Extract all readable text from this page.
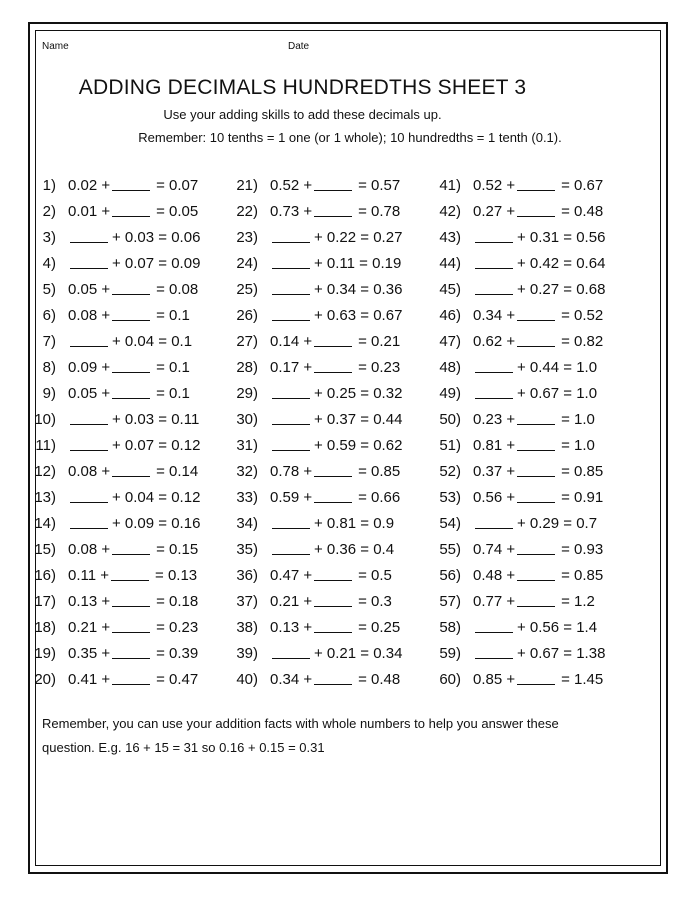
Name	Date
ADDING DECIMALS HUNDREDTHS SHEET 3
Use your adding skills to add these decimals up.
Remember: 10 tenths = 1 one (or 1 whole); 10 hundredths = 1 tenth (0.1).
1) 0.02 +	= 0.07
2) 0.01 +	= 0.05
3)	+ 0.03 = 0.06
4)	+ 0.07 = 0.09
5) 0.05 +	= 0.08
6) 0.08 +	= 0.1
7)	+ 0.04 = 0.1
8) 0.09 +	= 0.1
9) 0.05 +	= 0.1
10)	+ 0.03 = 0.11
11)	+ 0.07 = 0.12
12) 0.08 +	= 0.14
13)	+ 0.04 = 0.12
14)	+ 0.09 = 0.16
15) 0.08 +	= 0.15
16) 0.11 +	= 0.13
17) 0.13 +	= 0.18
18) 0.21 +	= 0.23
19) 0.35 +	= 0.39
20) 0.41 +	= 0.47
21) 0.52 +	= 0.57
22) 0.73 +	= 0.78
23)	+ 0.22 = 0.27
24)	+ 0.11 = 0.19
25)	+ 0.34 = 0.36
26)	+ 0.63 = 0.67
27) 0.14 +	= 0.21
28) 0.17 +	= 0.23
29)	+ 0.25 = 0.32
30)	+ 0.37 = 0.44
31)	+ 0.59 = 0.62
32) 0.78 +	= 0.85
33) 0.59 +	= 0.66
34)	+ 0.81 = 0.9
35)	+ 0.36 = 0.4
36) 0.47 +	= 0.5
37) 0.21 +	= 0.3
38) 0.13 +	= 0.25
39)	+ 0.21 = 0.34
40) 0.34 +	= 0.48
41) 0.52 +	= 0.67
42) 0.27 +	= 0.48
43)	+ 0.31 = 0.56
44)	+ 0.42 = 0.64
45)	+ 0.27 = 0.68
46) 0.34 +	= 0.52
47) 0.62 +	= 0.82
48)	+ 0.44 = 1.0
49)	+ 0.67 = 1.0
50) 0.23 +	= 1.0
51) 0.81 +	= 1.0
52) 0.37 +	= 0.85
53) 0.56 +	= 0.91
54)	+ 0.29 = 0.7
55) 0.74 +	= 0.93
56) 0.48 +	= 0.85
57) 0.77 +	= 1.2
58)	+ 0.56 = 1.4
59)	+ 0.67 = 1.38
60) 0.85 +	= 1.45
Remember, you can use your addition facts with whole numbers to help you answer these
question. E.g. 16 + 15 = 31 so 0.16 + 0.15 = 0.31
